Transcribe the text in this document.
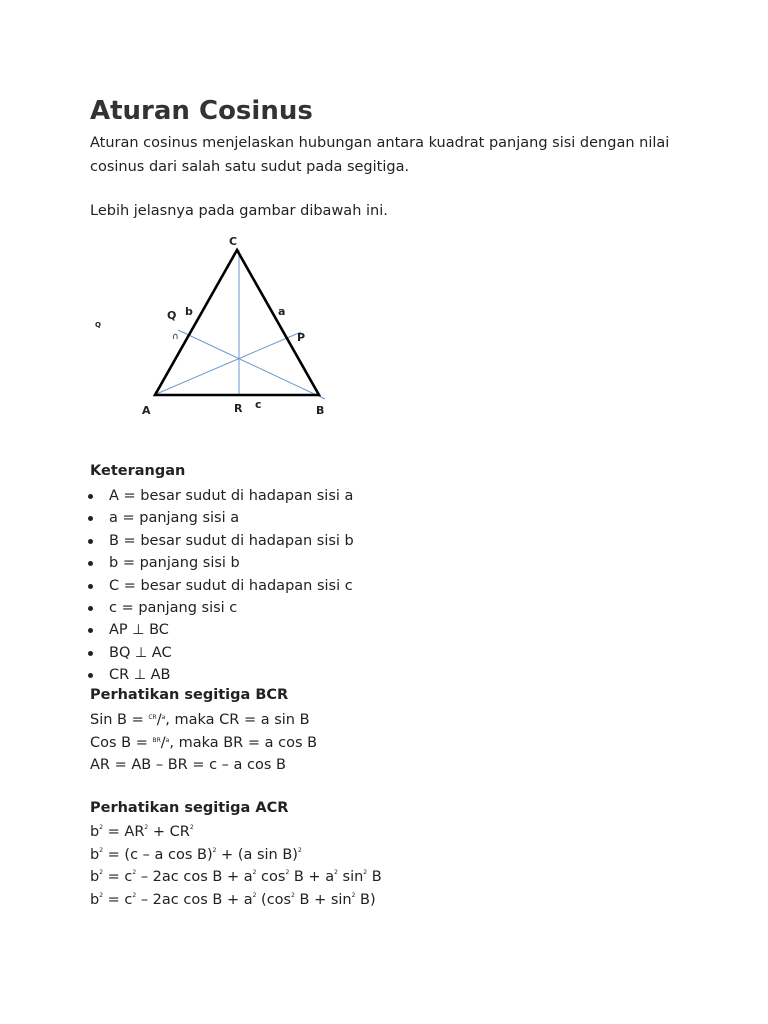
Aturan Cosinus

Aturan cosinus menjelaskan hubungan antara kuadrat panjang sisi dengan nilai cosinus dari salah satu sudut pada segitiga.

Lebih jelasnya pada gambar dibawah ini.

Keterangan
A = besar sudut di hadapan sisi a
a = panjang sisi a
B = besar sudut di hadapan sisi b
b = panjang sisi b
C = besar sudut di hadapan sisi c
c = panjang sisi c
AP ⊥ BC
BQ ⊥ AC
CR ⊥ AB
Perhatikan segitiga BCR
Sin B = $^{CR}$/$^a$, maka CR = a sin B
Cos B = $^{BR}$/$^a$, maka BR = a cos B
AR = AB – BR = c – a cos B
Perhatikan segitiga ACR
$b^2 = AR^2 + CR^2$
$b^2 = (c - a$ cos B)$^2$ + (a sin B)$^2$
$b^2 = c^2 - 2ac$ $\cos B + a^2$ $\cos^2 B + a^2$ $\sin^2 B$
$b^2 = c^2 - 2ac$ $\cos B + a^2$ ($\cos^2$ $B + \sin^2 B$)
C
Q b	a
P
A	R c	B
Q
∩
